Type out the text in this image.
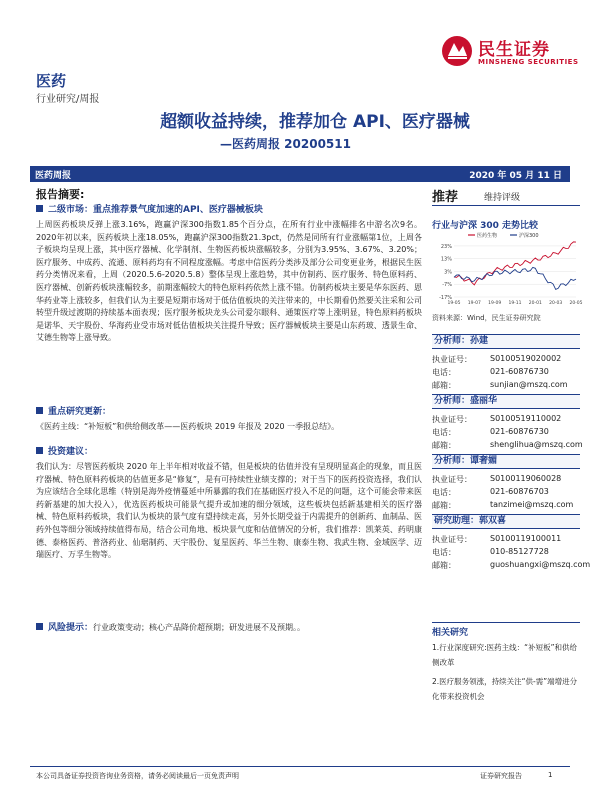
民生证券
MINSHENG SECURITIES
医药
行业研究/周报
超额收益持续，推荐加仓 API、医疗器械
—医药周报 20200511
医药周报	2020 年 05 月 11 日
报告摘要:
二级市场：重点推荐景气度加速的API、医疗器械板块
上周医药板块反弹上涨3.16%，跑赢沪深300指数1.85个百分点，在所有行业中涨幅排名中游名次9名。2020年初以来，医药板块上涨18.05%，跑赢沪深300指数21.3pct，仍然是同所有行业涨幅第1位，上周各子板块均呈现上涨，其中医疗器械、化学制剂、生物医药板块涨幅较多，分别为3.95%、3.67%、3.20%；医疗服务、中成药、流通、原料药均有不同程度涨幅。考虑中信医药分类涉及部分公司变更业务，根据民生医药分类情况来看，上周（2020.5.6-2020.5.8）整体呈现上涨趋势，其中仿制药、医疗服务、特色原料药、医疗器械、创新药板块涨幅较多，前期涨幅较大的特色原料药依然上涨不错。仿制药板块主要是华东医药、恩华药业等上涨较多，但我们认为主要是短期市场对于低估值板块的关注带来的，中长期看仍然要关注采和公司转型升级过渡期的持续基本面表现；医疗服务板块龙头公司爱尔眼科、通策医疗等上涨明显，特色原料药板块是诺华、天宇股份、华海药业受市场对低估值板块关注提升导致；医疗器械板块主要是山东药玻、透景生命、艾德生物等上涨导致。
重点研究更新：
《医药主线：“补短板”和供给侧改革——医药板块 2019 年报及 2020 一季报总结》。
投资建议：
我们认为：尽管医药板块 2020 年上半年相对收益不错，但是板块的估值并没有呈现明显高企的现象，而且医疗器械、特色原料药板块的估值更多是“修复”，是有可持续性业绩支撑的；对于当下的医药投资选择，我们认为应该结合全球化思维（特别是海外疫情蔓延中所暴露的我们在基础医疗投入不足的问题，这个可能会带来医药新基建的加大投入），优选医药板块可能景气提升或加速的细分领域，这些板块包括新基建相关的医疗器械、特色原料药板块，我们认为板块的景气度有望持续走高，另外长期受益于内需提升的创新药、血制品、医药外包等细分领域持续值得布局，结合公司角地、板块景气度和估值情况的分析，我们推荐：凯莱英、药明康德、泰格医药、普洛药业、仙琚制药、天宇股份、复星医药、华兰生物、康泰生物、我武生物、金域医学、迈瑞医疗、万孚生物等。
风险提示：行业政策变动；核心产品降价超预期；研发进展不及预期。。
推荐	维持评级
行业与沪深 300 走势比较
23%
13%
3%
-7%
-17%
19-05 19-07 19-09 19-11 20-01 20-03 20-05
医药生物	沪深300
资料来源：Wind，民生证券研究院
分析师：孙建
执业证号： S0100519020002
电话：	021-60876730
邮箱：	sunjian@mszq.com
分析师：盛丽华
执业证号： S0100519110002
电话：	021-60876730
邮箱：	shenglihua@mszq.com
分析师：谭奢媚
执业证号： S0100119060028
电话：	021-60876703
邮箱：	tanzimei@mszq.com
研究助理：郭双喜
执业证号： S0100119100011
电话：	010-85127728
邮箱：	guoshuangxi@mszq.com
相关研究
1.行业深度研究:医药主线：“补短板”和供给侧改革
2.医疗服务领涨，持续关注“供-需”端增进分化带来投资机会
本公司具备证券投资咨询业务资格，请务必阅读最后一页免责声明	证券研究报告	1
